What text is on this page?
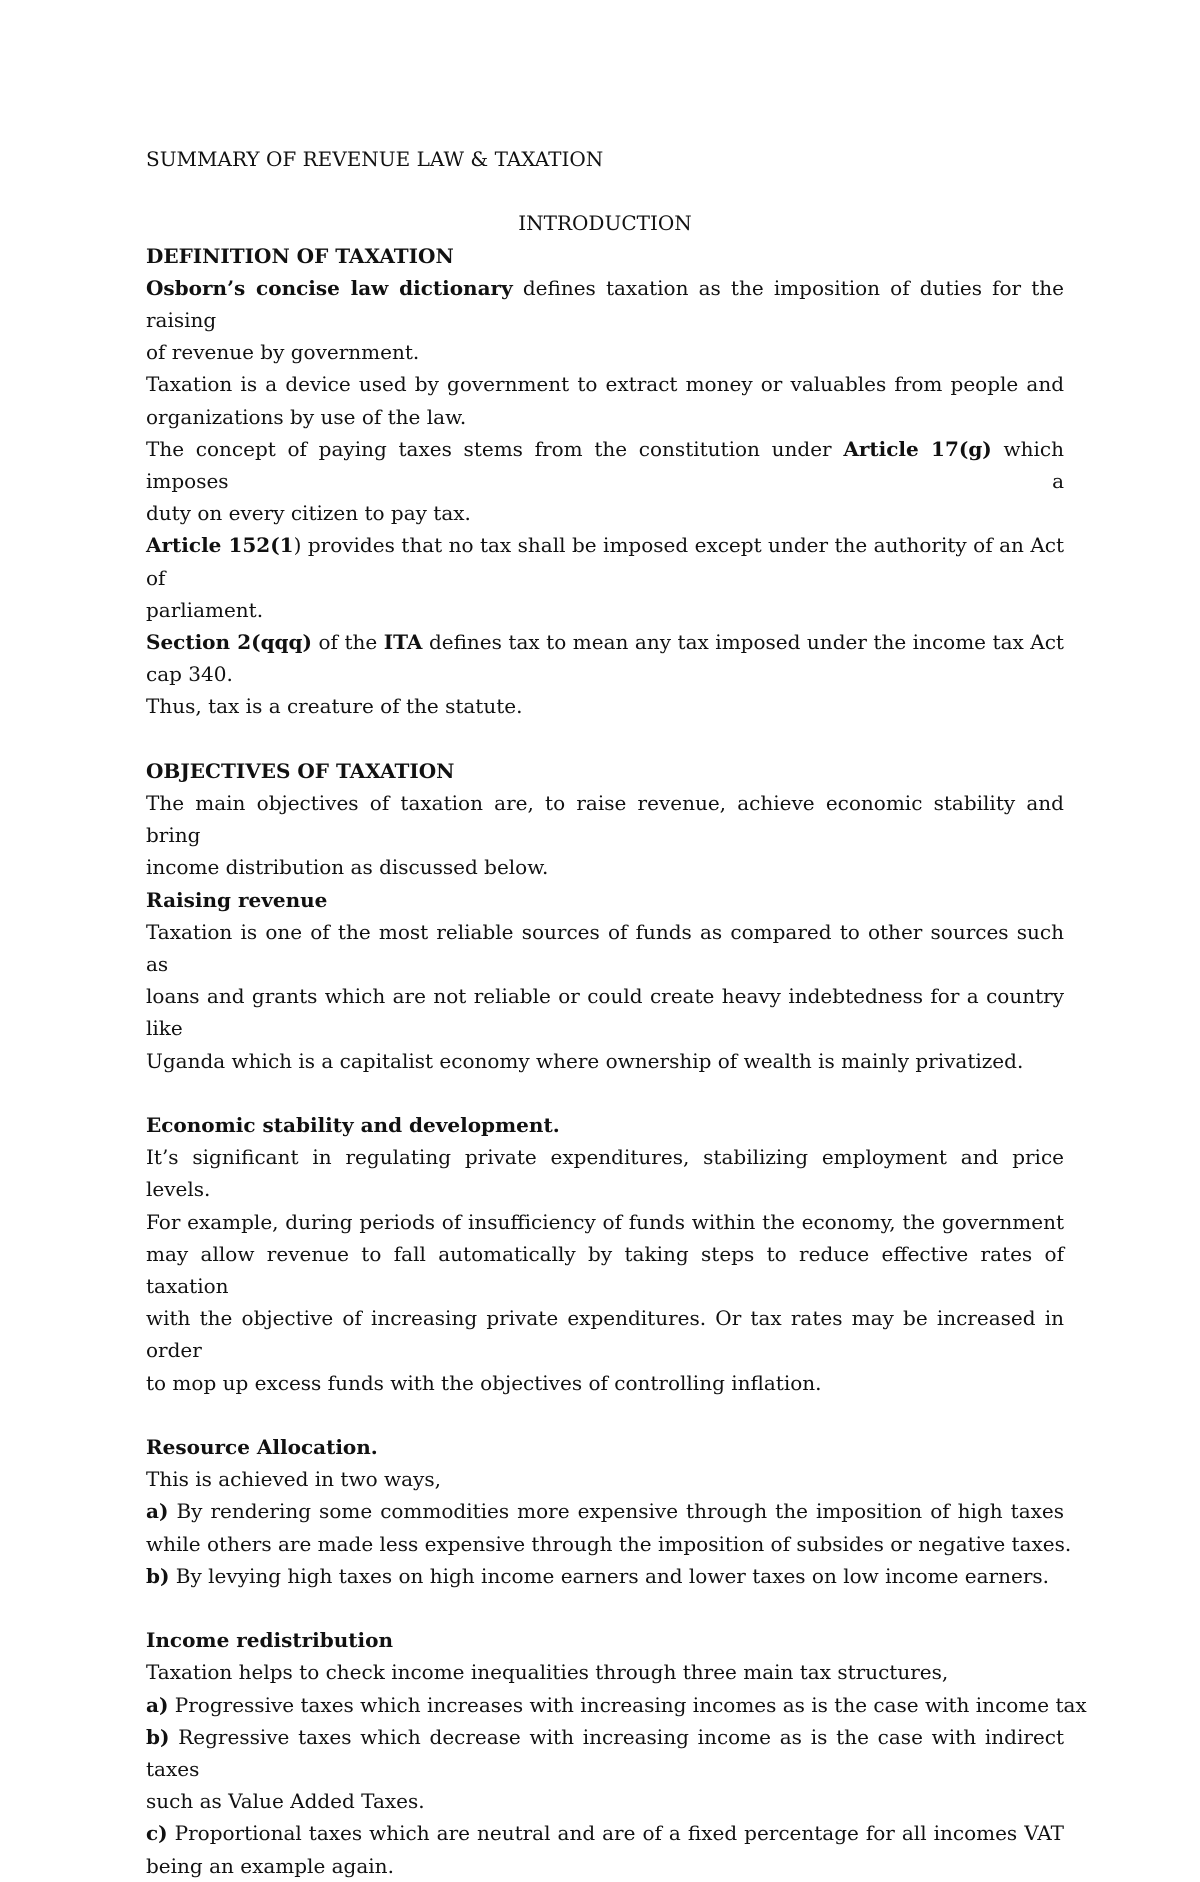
SUMMARY OF REVENUE LAW & TAXATION
INTRODUCTION
DEFINITION OF TAXATION
Osborn’s concise law dictionary defines taxation as the imposition of duties for the raising
of revenue by government.
Taxation is a device used by government to extract money or valuables from people and
organizations by use of the law.
The concept of paying taxes stems from the constitution under Article 17(g) which imposes a
duty on every citizen to pay tax.
Article 152(1) provides that no tax shall be imposed except under the authority of an Act of
parliament.
Section 2(qqq) of the ITA defines tax to mean any tax imposed under the income tax Act
cap 340.
Thus, tax is a creature of the statute.
OBJECTIVES OF TAXATION
The main objectives of taxation are, to raise revenue, achieve economic stability and bring
income distribution as discussed below.
Raising revenue
Taxation is one of the most reliable sources of funds as compared to other sources such as
loans and grants which are not reliable or could create heavy indebtedness for a country like
Uganda which is a capitalist economy where ownership of wealth is mainly privatized.
Economic stability and development.
It’s significant in regulating private expenditures, stabilizing employment and price levels.
For example, during periods of insufficiency of funds within the economy, the government
may allow revenue to fall automatically by taking steps to reduce effective rates of taxation
with the objective of increasing private expenditures. Or tax rates may be increased in order
to mop up excess funds with the objectives of controlling inflation.
Resource Allocation.
This is achieved in two ways,
a) By rendering some commodities more expensive through the imposition of high taxes
while others are made less expensive through the imposition of subsides or negative taxes.
b) By levying high taxes on high income earners and lower taxes on low income earners.
Income redistribution
Taxation helps to check income inequalities through three main tax structures,
a) Progressive taxes which increases with increasing incomes as is the case with income tax
b) Regressive taxes which decrease with increasing income as is the case with indirect taxes
such as Value Added Taxes.
c) Proportional taxes which are neutral and are of a fixed percentage for all incomes VAT
being an example again.
